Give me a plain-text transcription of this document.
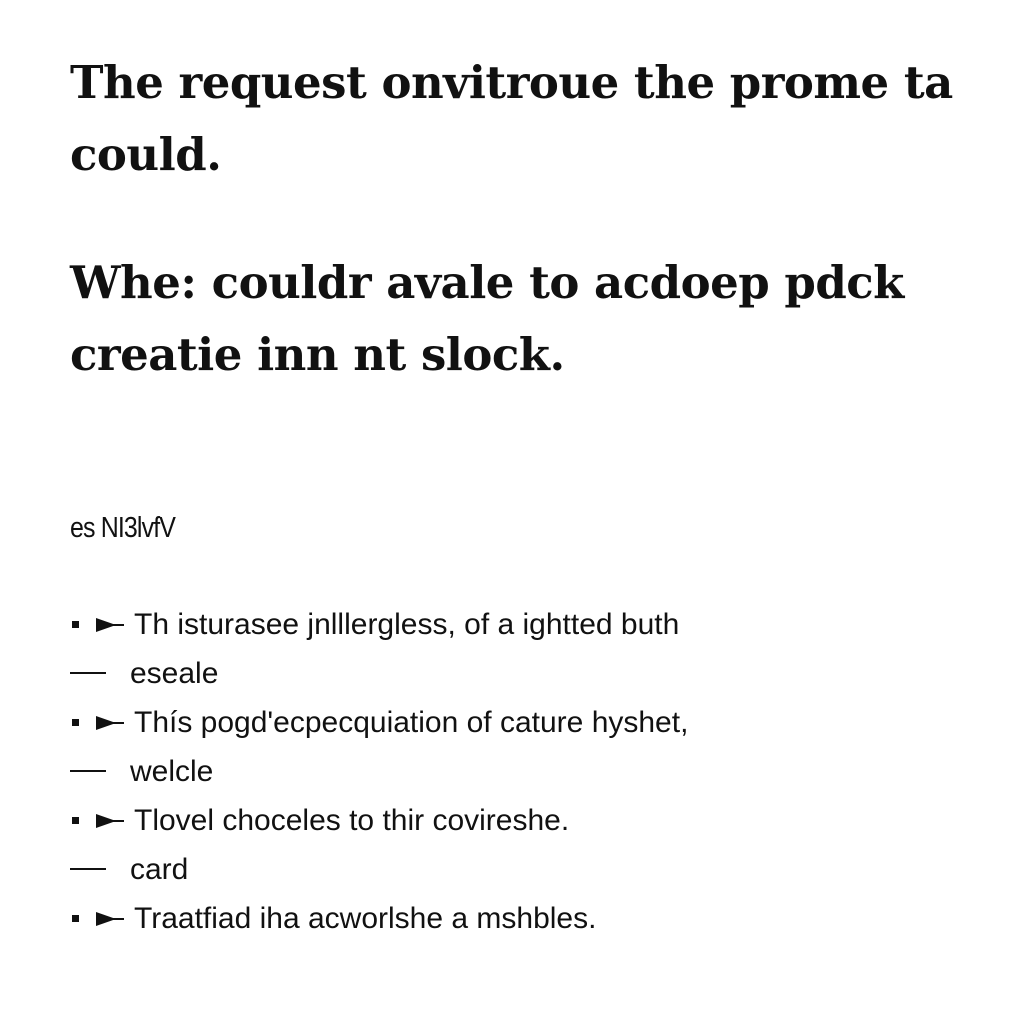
The request onvitroue the prome ta
could.
Whe: couldr avale to acdoep pdck
creatie inn nt slock.

es NI3lvfV

Th isturasee jnlllergless, of a ightted buth
eseale
Thís pogd'ecpecquiation of cature hyshet,
welcle
Tlovel choceles to thir covireshe.
card
Traatfiad iha acworlshe a mshbles.
